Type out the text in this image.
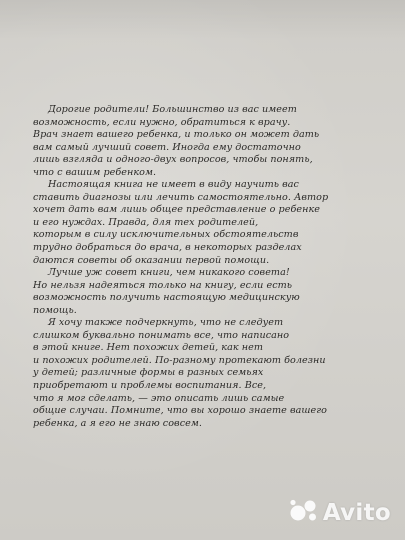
Дорогие родители! Большинство из вас имеет
возможность, если нужно, обратиться к врачу.
Врач знает вашего ребенка, и только он может дать
вам самый лучший совет. Иногда ему достаточно
лишь взгляда и одного-двух вопросов, чтобы понять,
что с вашим ребенком.
Настоящая книга не имеет в виду научить вас
ставить диагнозы или лечить самостоятельно. Автор
хочет дать вам лишь общее представление о ребенке
и его нуждах. Правда, для тех родителей,
которым в силу исключительных обстоятельств
трудно добраться до врача, в некоторых разделах
даются советы об оказании первой помощи.
Лучше уж совет книги, чем никакого совета!
Но нельзя надеяться только на книгу, если есть
возможность получить настоящую медицинскую
помощь.
Я хочу также подчеркнуть, что не следует
слишком буквально понимать все, что написано
в этой книге. Нет похожих детей, как нет
и похожих родителей. По-разному протекают болезни
у детей; различные формы в разных семьях
приобретают и проблемы воспитания. Все,
что я мог сделать, — это описать лишь самые
общие случаи. Помните, что вы хорошо знаете вашего
ребенка, а я его не знаю совсем.
Avito
